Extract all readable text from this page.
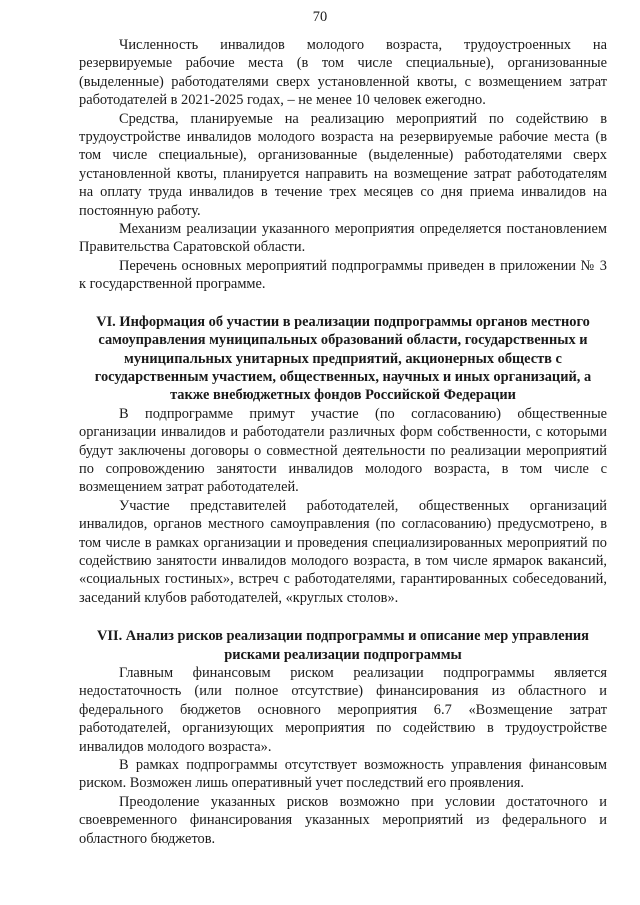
70

Численность инвалидов молодого возраста, трудоустроенных на резервируемые рабочие места (в том числе специальные), организованные (выделенные) работодателями сверх установленной квоты, с возмещением затрат работодателей в 2021-2025 годах, – не менее 10 человек ежегодно.

Средства, планируемые на реализацию мероприятий по содействию в трудоустройстве инвалидов молодого возраста на резервируемые рабочие места (в том числе специальные), организованные (выделенные) работодателями сверх установленной квоты, планируется направить на возмещение затрат работодателям на оплату труда инвалидов в течение трех месяцев со дня приема инвалидов на постоянную работу.

Механизм реализации указанного мероприятия определяется постановлением Правительства Саратовской области.

Перечень основных мероприятий подпрограммы приведен в приложении № 3 к государственной программе.

VI. Информация об участии в реализации подпрограммы органов местного самоуправления муниципальных образований области, государственных и муниципальных унитарных предприятий, акционерных обществ с государственным участием, общественных, научных и иных организаций, а также внебюджетных фондов Российской Федерации

В подпрограмме примут участие (по согласованию) общественные организации инвалидов и работодатели различных форм собственности, с которыми будут заключены договоры о совместной деятельности по реализации мероприятий по сопровождению занятости инвалидов молодого возраста, в том числе с возмещением затрат работодателей.

Участие представителей работодателей, общественных организаций инвалидов, органов местного самоуправления (по согласованию) предусмотрено, в том числе в рамках организации и проведения специализированных мероприятий по содействию занятости инвалидов молодого возраста, в том числе ярмарок вакансий, «социальных гостиных», встреч с работодателями, гарантированных собеседований, заседаний клубов работодателей, «круглых столов».

VII. Анализ рисков реализации подпрограммы и описание мер управления рисками реализации подпрограммы

Главным финансовым риском реализации подпрограммы является недостаточность (или полное отсутствие) финансирования из областного и федерального бюджетов основного мероприятия 6.7 «Возмещение затрат работодателей, организующих мероприятия по содействию в трудоустройстве инвалидов молодого возраста».

В рамках подпрограммы отсутствует возможность управления финансовым риском. Возможен лишь оперативный учет последствий его проявления.

Преодоление указанных рисков возможно при условии достаточного и своевременного финансирования указанных мероприятий из федерального и областного бюджетов.
